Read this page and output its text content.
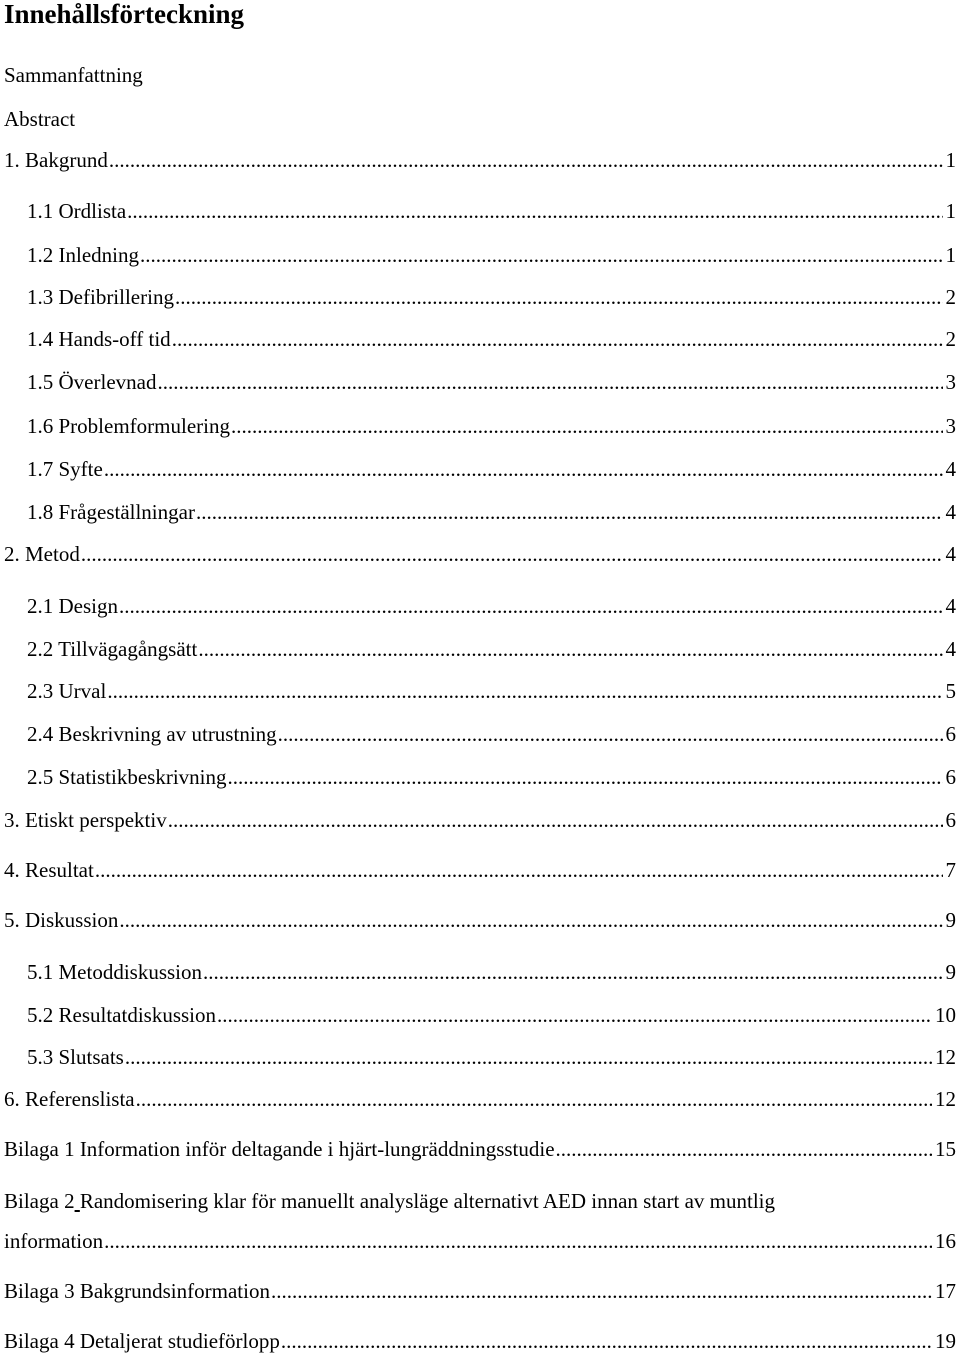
Innehållsförteckning
Sammanfattning
Abstract
1. Bakgrund .....	1
1.1 Ordlista .....	1
1.2 Inledning .....	1
1.3 Defibrillering .....	2
1.4 Hands-off tid .....	2
1.5 Överlevnad .....	3
1.6 Problemformulering .....	3
1.7 Syfte .....	4
1.8 Frågeställningar .....	4
2. Metod .....	4
2.1 Design .....	4
2.2 Tillvägagångsätt .....	4
2.3 Urval .....	5
2.4 Beskrivning av utrustning .....	6
2.5 Statistikbeskrivning .....	6
3. Etiskt perspektiv .....	6
4. Resultat .....	7
5. Diskussion .....	9
5.1 Metoddiskussion .....	9
5.2 Resultatdiskussion .....	10
5.3 Slutsats .....	12
6. Referenslista .....	12
Bilaga 1 Information inför deltagande i hjärt-lungräddningsstudie .....	15
Bilaga 2 Randomisering klar för manuellt analysläge alternativt AED innan start av muntlig
information .....	16
Bilaga 3 Bakgrundsinformation .....	17
Bilaga 4 Detaljerat studieförlopp .....	19
